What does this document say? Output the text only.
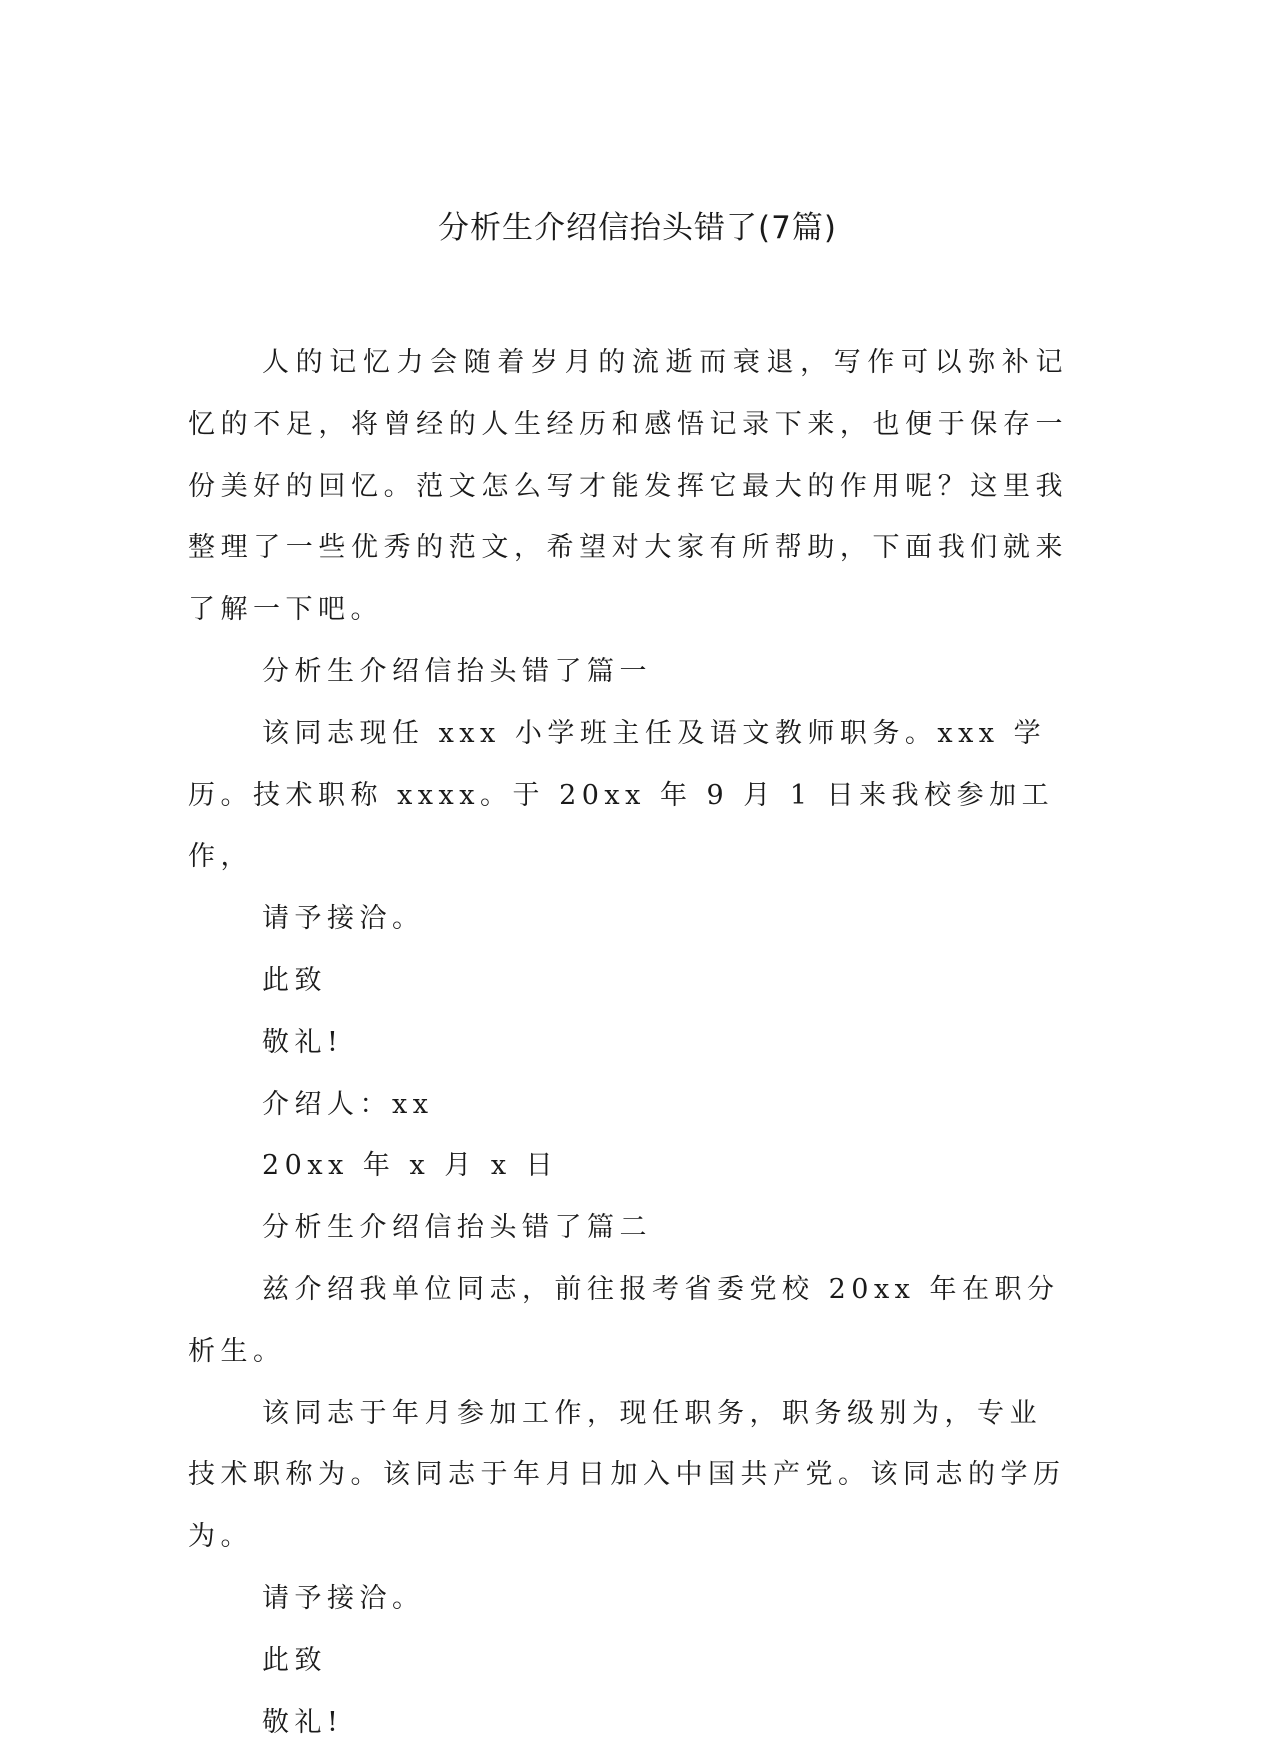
分析生介绍信抬头错了(7篇)

人的记忆力会随着岁月的流逝而衰退，写作可以弥补记忆的不足，将曾经的人生经历和感悟记录下来，也便于保存一份美好的回忆。范文怎么写才能发挥它最大的作用呢？这里我整理了一些优秀的范文，希望对大家有所帮助，下面我们就来了解一下吧。

分析生介绍信抬头错了篇一

该同志现任 xxx 小学班主任及语文教师职务。xxx 学历。技术职称 xxxx。于 20xx 年 9 月 1 日来我校参加工作，

请予接洽。

此致

敬礼!

介绍人：xx

20xx 年 x 月 x 日

分析生介绍信抬头错了篇二

兹介绍我单位同志，前往报考省委党校 20xx 年在职分析生。

该同志于年月参加工作，现任职务，职务级别为，专业技术职称为。该同志于年月日加入中国共产党。该同志的学历为。

请予接洽。

此致

敬礼!
